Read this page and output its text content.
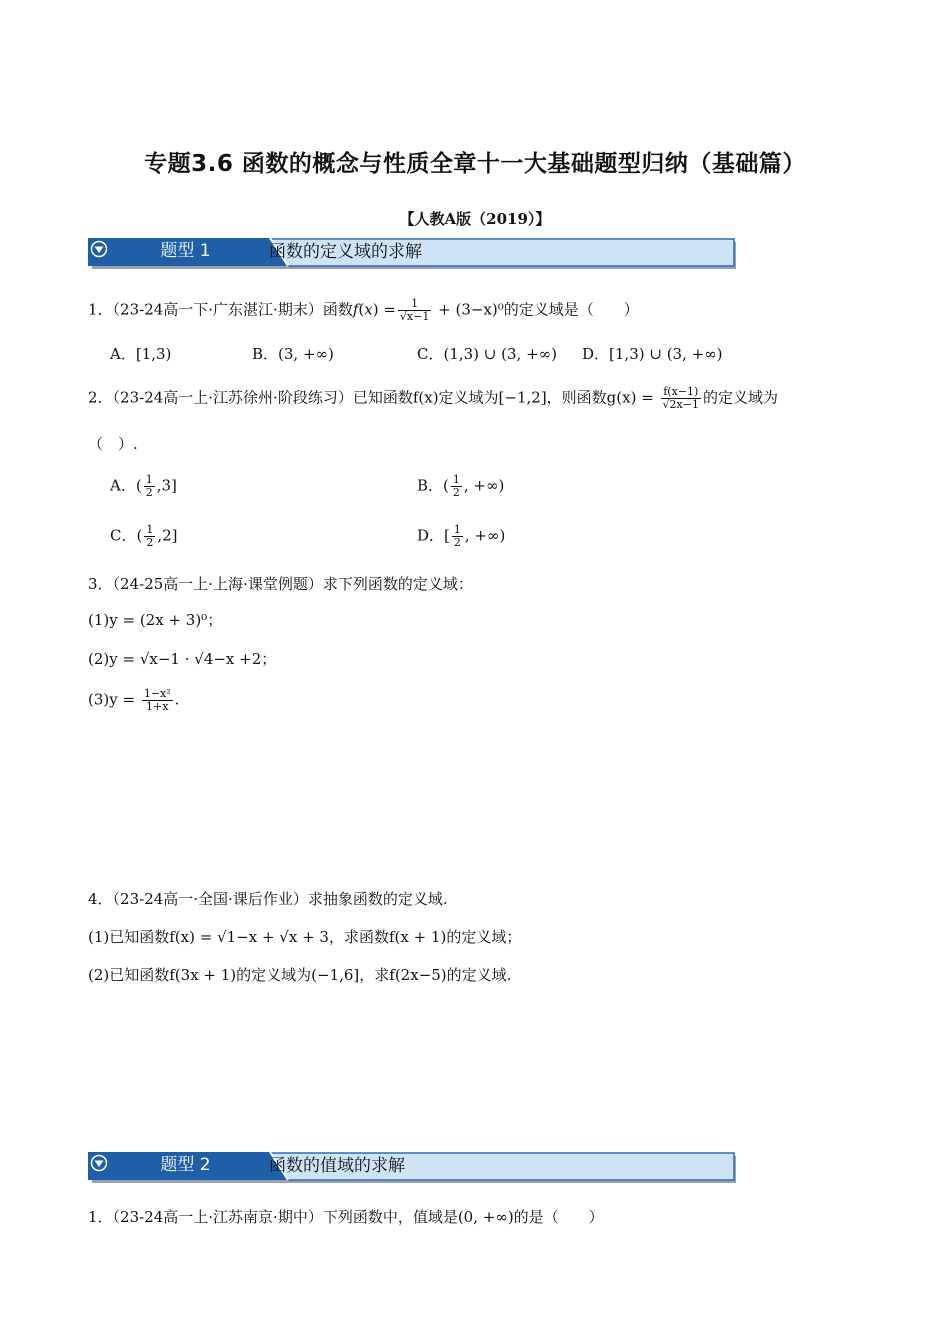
专题3.6 函数的概念与性质全章十一大基础题型归纳（基础篇）
【人教A版（2019）】
题型 1	函数的定义域的求解
1．（23-24高一下·广东湛江·期末）函数$f(x) = \frac{1}{√x-1} + (3-x)^0$的定义域是（　　）
A．[1,3)	B．(3, +∞)	C．(1,3) ∪ (3, +∞) D．[1,3) ∪ (3, +∞)
2．（23-24高一上·江苏徐州·阶段练习）已知函数f(x)定义域为[−1,2]，则函数$g(x) = \frac{f(x-1)}{√2x-1}$ 的定义域为
（　）.
A．( $\frac{1}{2} ,3$]	B．( $\frac{1}{2}$ , +∞)
C．( $\frac{1}{2} ,2$]	D．[ $\frac{1}{2}$ , +∞)
3．（24-25高一上·上海·课堂例题）求下列函数的定义域：
(1)y = (2x + 3)⁰；
(2)y = √x−1 · √4−x +2；
$(3)y = \frac{\text{1−x²}}{1+x}$ .
4．（23-24高一·全国·课后作业）求抽象函数的定义域.
(1)已知函数f(x) = √1−x + √x + 3，求函数f(x + 1)的定义域；
(2)已知函数f(3x + 1)的定义域为(−1,6]，求f(2x−5)的定义域.
题型 2	函数的值域的求解
1．（23-24高一上·江苏南京·期中）下列函数中，值域是(0, +∞)的是（　　）
